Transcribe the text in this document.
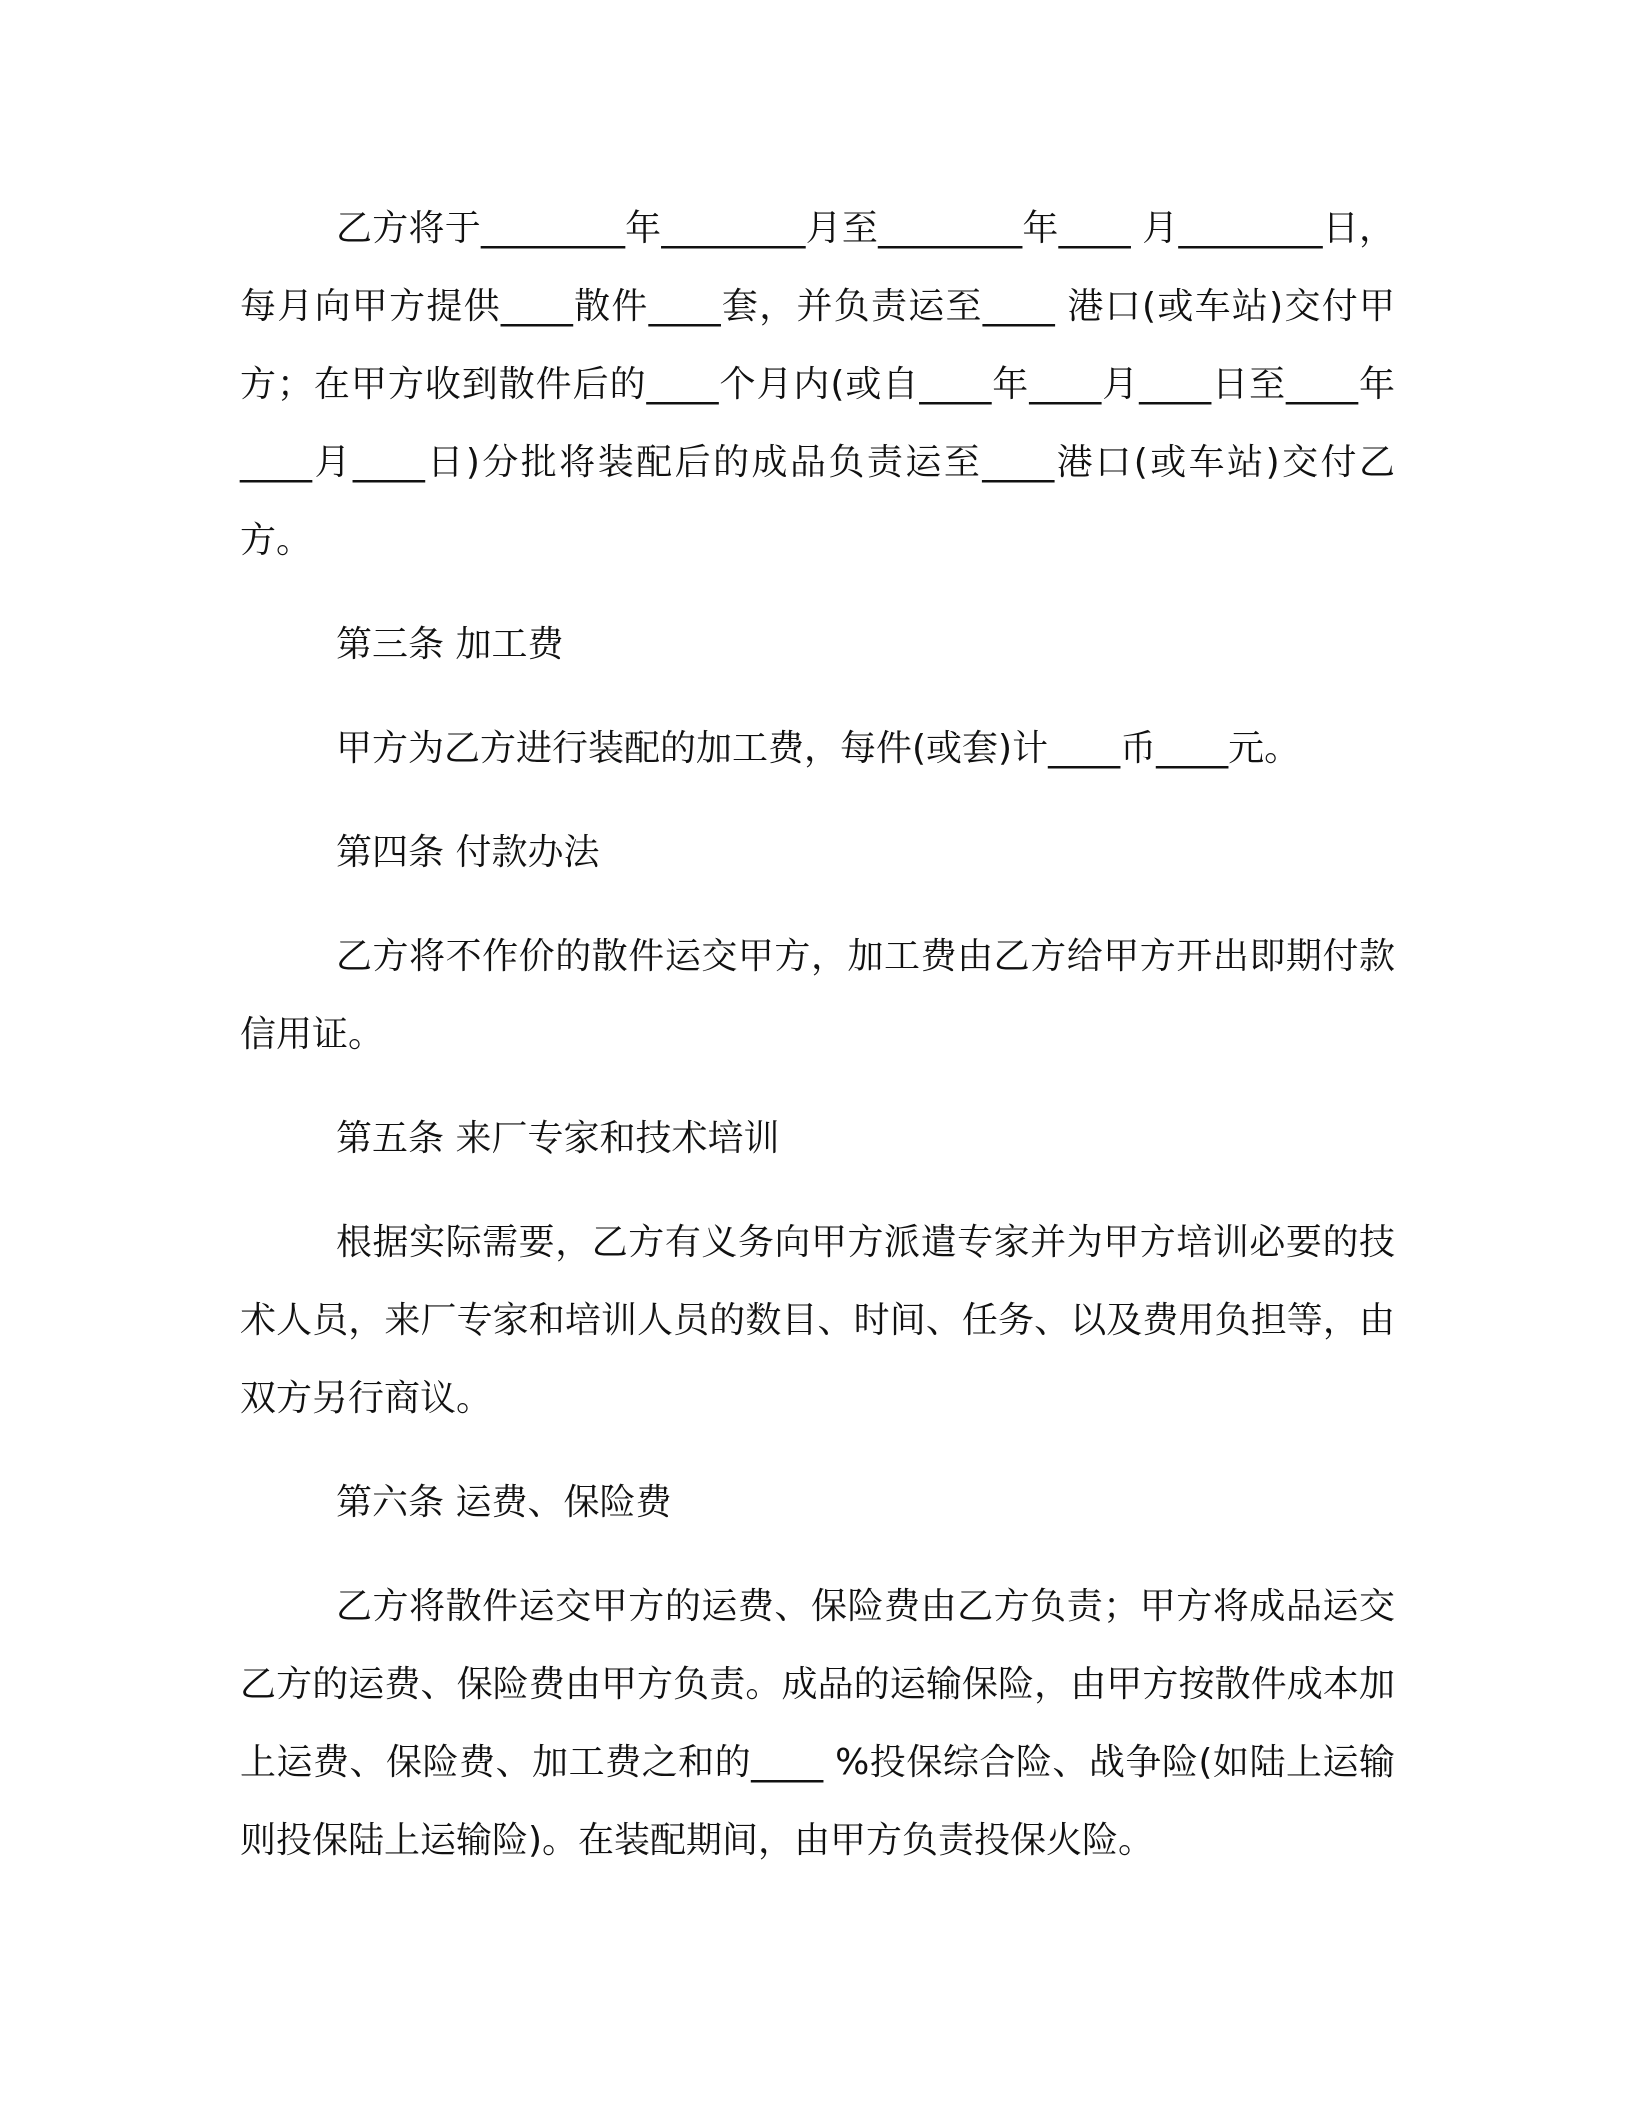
乙方将于________年________月至________年____ 月________日，每月向甲方提供____散件____套，并负责运至____ 港口(或车站)交付甲方；在甲方收到散件后的____个月内(或自____年____月____日至____年____月____日)分批将装配后的成品负责运至____港口(或车站)交付乙方。

第三条 加工费

甲方为乙方进行装配的加工费，每件(或套)计____币____元。

第四条 付款办法

乙方将不作价的散件运交甲方，加工费由乙方给甲方开出即期付款信用证。

第五条 来厂专家和技术培训

根据实际需要，乙方有义务向甲方派遣专家并为甲方培训必要的技术人员，来厂专家和培训人员的数目、时间、任务、以及费用负担等，由双方另行商议。

第六条 运费、保险费

乙方将散件运交甲方的运费、保险费由乙方负责；甲方将成品运交乙方的运费、保险费由甲方负责。成品的运输保险，由甲方按散件成本加上运费、保险费、加工费之和的____ %投保综合险、战争险(如陆上运输则投保陆上运输险)。在装配期间，由甲方负责投保火险。
